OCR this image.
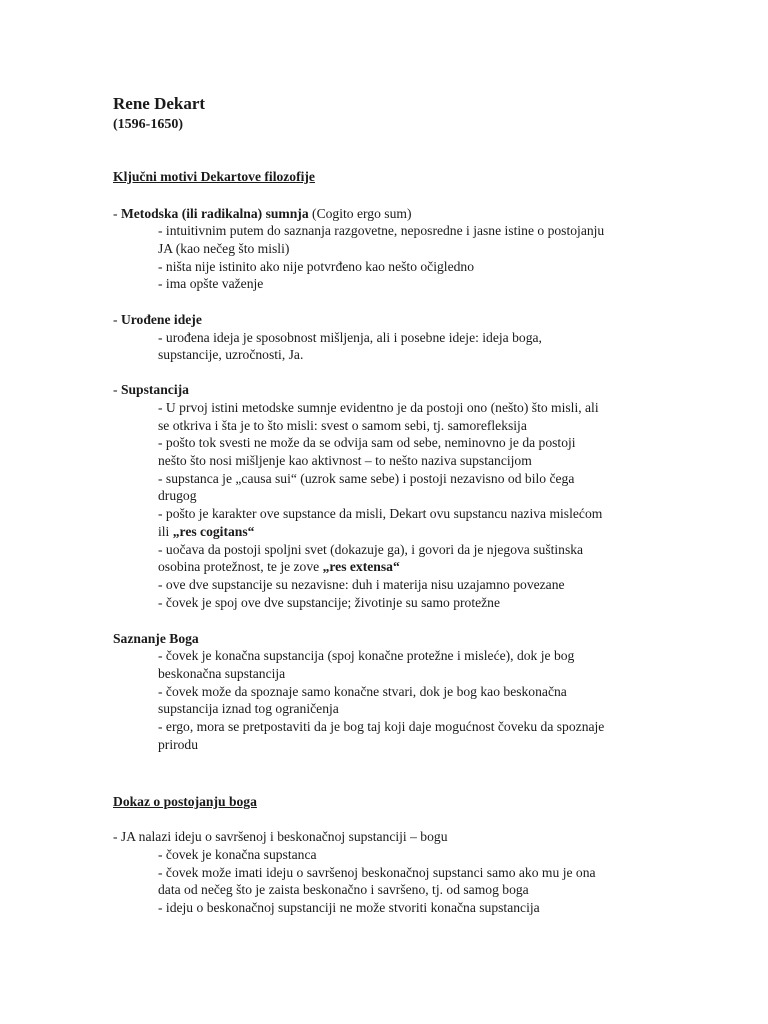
Rene Dekart
(1596-1650)
Ključni motivi Dekartove filozofije
- Metodska (ili radikalna) sumnja (Cogito ergo sum)
- intuitivnim putem do saznanja razgovetne, neposredne i jasne istine o postojanju
JA (kao nečeg što misli)
- ništa nije istinito ako nije potvrđeno kao nešto očigledno
- ima opšte važenje
- Urođene ideje
- urođena ideja je sposobnost mišljenja, ali i posebne ideje: ideja boga,
supstancije, uzročnosti, Ja.
- Supstancija
- U prvoj istini metodske sumnje evidentno je da postoji ono (nešto) što misli, ali
se otkriva i šta je to što misli: svest o samom sebi, tj. samorefleksija
- pošto tok svesti ne može da se odvija sam od sebe, neminovno je da postoji
nešto što nosi mišljenje kao aktivnost – to nešto naziva supstancijom
- supstanca je „causa sui“ (uzrok same sebe) i postoji nezavisno od bilo čega
drugog
- pošto je karakter ove supstance da misli, Dekart ovu supstancu naziva mislećom
ili „res cogitans“
- uočava da postoji spoljni svet (dokazuje ga), i govori da je njegova suštinska
osobina protežnost, te je zove „res extensa“
- ove dve supstancije su nezavisne: duh i materija nisu uzajamno povezane
- čovek je spoj ove dve supstancije; životinje su samo protežne
Saznanje Boga
- čovek je konačna supstancija (spoj konačne protežne i misleće), dok je bog
beskonačna supstancija
- čovek može da spoznaje samo konačne stvari, dok je bog kao beskonačna
supstancija iznad tog ograničenja
- ergo, mora se pretpostaviti da je bog taj koji daje mogućnost čoveku da spoznaje
prirodu
Dokaz o postojanju boga
- JA nalazi ideju o savršenoj i beskonačnoj supstanciji – bogu
- čovek je konačna supstanca
- čovek može imati ideju o savršenoj beskonačnoj supstanci samo ako mu je ona
data od nečeg što je zaista beskonačno i savršeno, tj. od samog boga
- ideju o beskonačnoj supstanciji ne može stvoriti konačna supstancija
